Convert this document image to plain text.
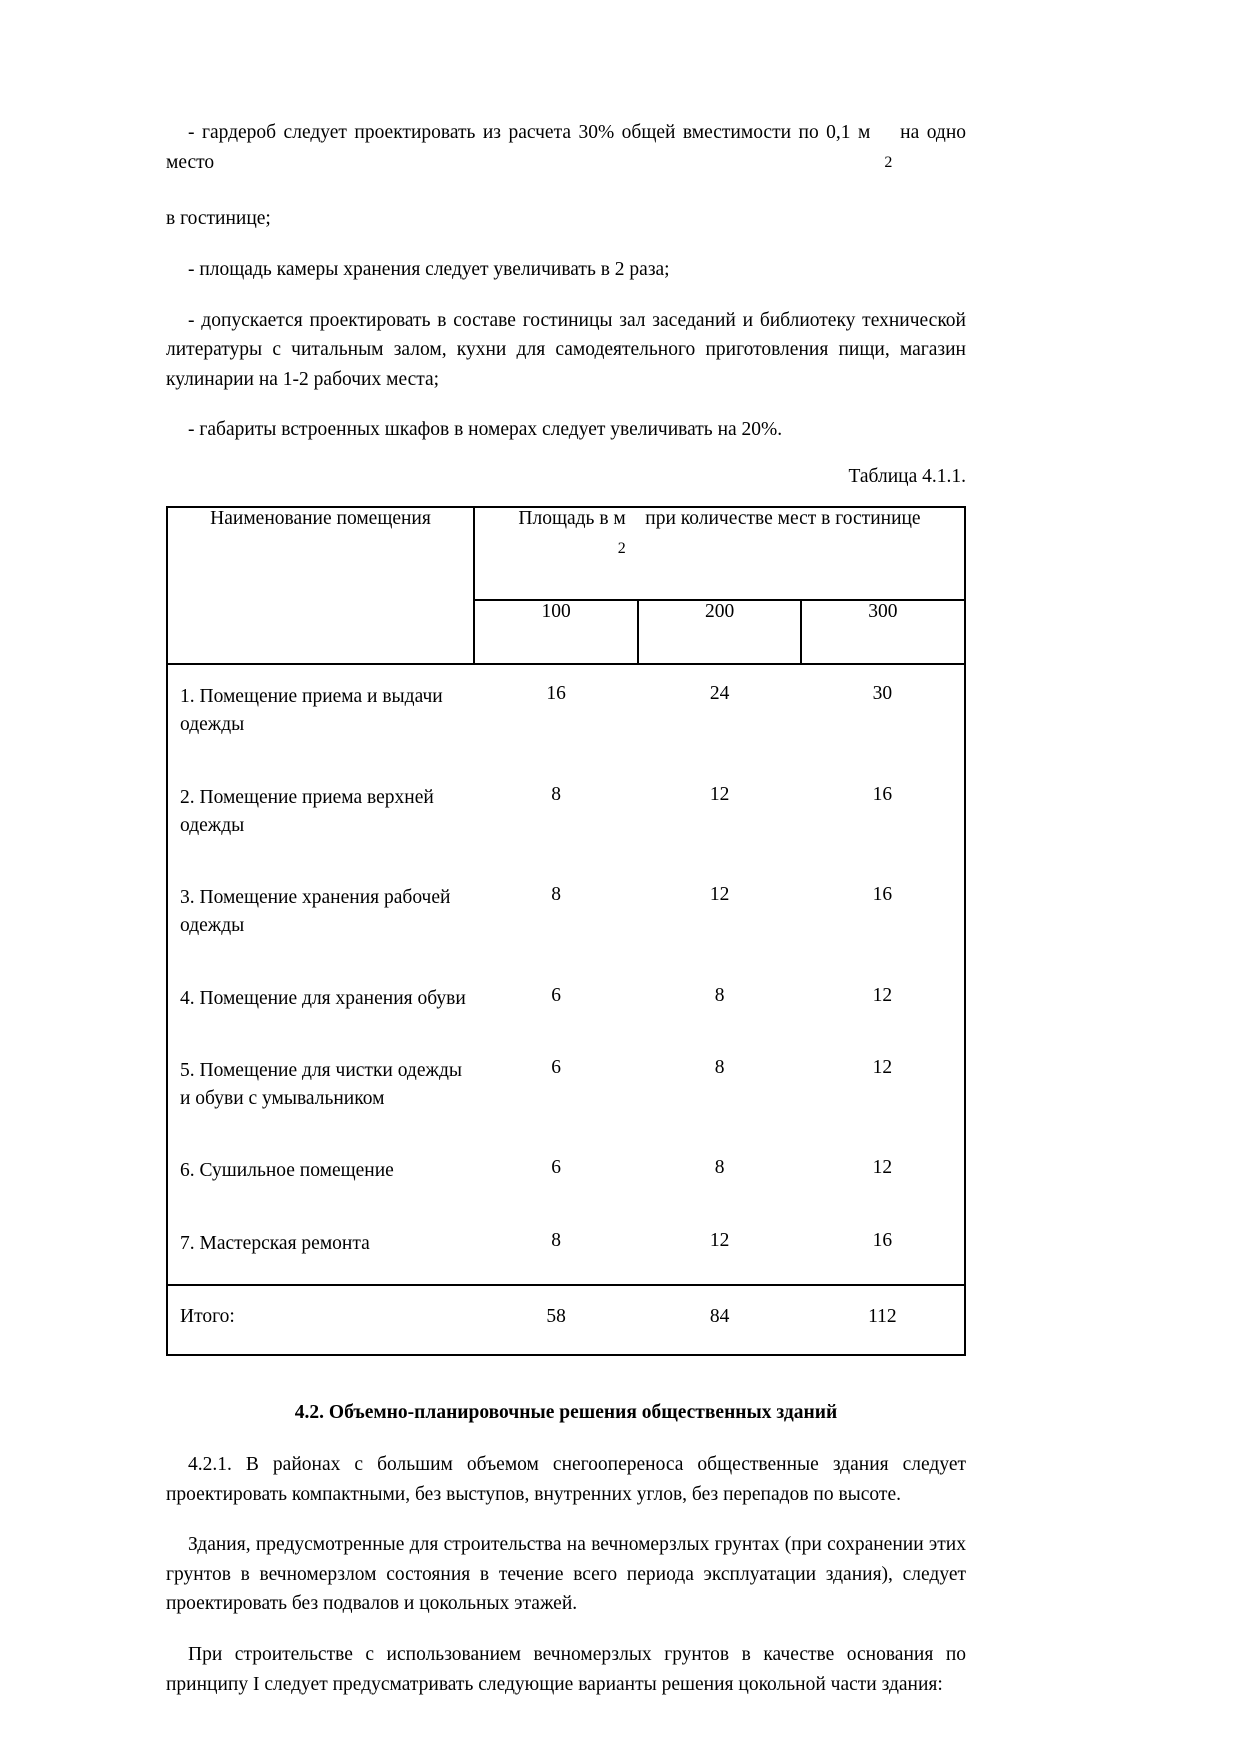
- гардероб следует проектировать из расчета 30% общей вместимости по 0,1 м
2
на одно место

в гостинице;

- площадь камеры хранения следует увеличивать в 2 раза;

- допускается проектировать в составе гостиницы зал заседаний и библиотеку технической литературы с читальным залом, кухни для самодеятельного приготовления пищи, магазин кулинарии на 1-2 рабочих места;

- габариты встроенных шкафов в номерах следует увеличивать на 20%.

Таблица 4.1.1.
Наименование помещения	Площадь в м
2
при количестве мест в гостинице		
	100	200	300

1. Помещение приема и выдачи одежды	16	24	30
2. Помещение приема верхней одежды	8	12	16
3. Помещение хранения рабочей одежды	8	12	16
4. Помещение для хранения обуви	6	8	12
5. Помещение для чистки одежды и обуви с умывальником	6	8	12
6. Сушильное помещение	6	8	12
7. Мастерская ремонта	8	12	16
Итого:	58	84	112
4.2. Объемно-планировочные решения общественных зданий

4.2.1. В районах с большим объемом снегоопереноса общественные здания следует проектировать компактными, без выступов, внутренних углов, без перепадов по высоте.

Здания, предусмотренные для строительства на вечномерзлых грунтах (при сохранении этих грунтов в вечномерзлом состояния в течение всего периода эксплуатации здания), следует проектировать без подвалов и цокольных этажей.

При строительстве с использованием вечномерзлых грунтов в качестве основания по принципу I следует предусматривать следующие варианты решения цокольной части здания:
